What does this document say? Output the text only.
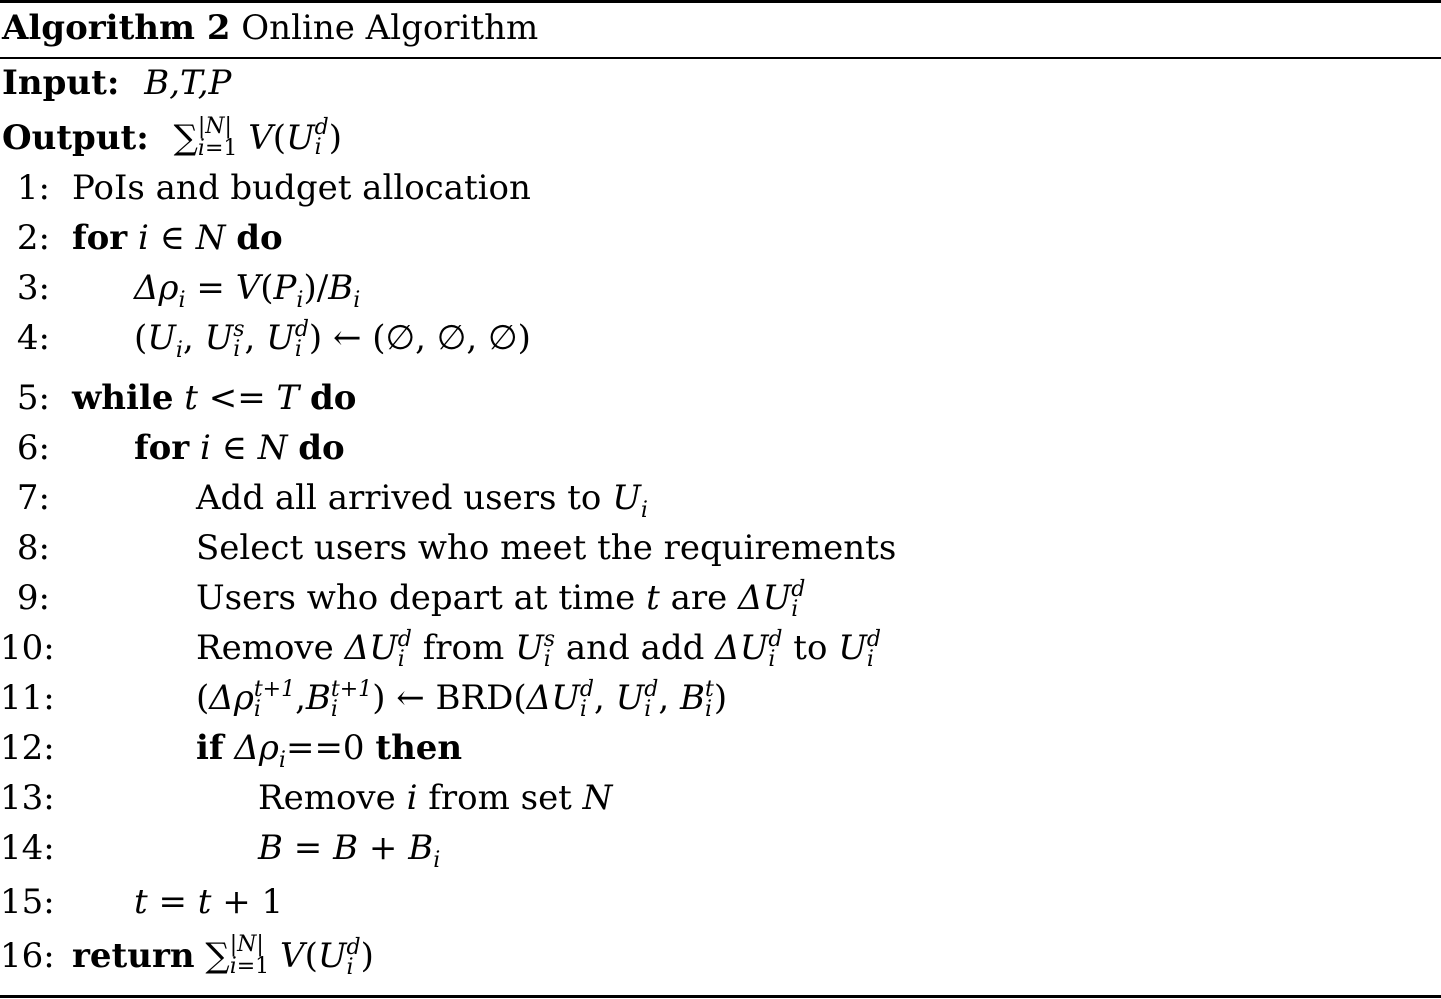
Algorithm 2 Online Algorithm
Input: B,T,P
Output: ∑ |N|
i=1 V(U d
i )
1: PoIs and budget allocation
2: for i ∈ N do
3: $\Delta\rho_i = V(P_i)/B_i$
4: ($U_i$, U s
i , U d
i ) ← (∅, ∅, ∅)
5: while t <= T do
6: for i ∈ N do
7:	Add all arrived users to $U_i$
8:	Select users who meet the requirements
9:	Users who depart at time t are ΔU d
i
10:	Remove ΔU d
i from U s
i and add ΔU d
i to U d
i
11:	(Δρ t+1
i	,B t+1
i	) ← BRD(ΔU d
i , U d
i , B t
i )
12:	if $\Delta\rho_i==0$ then
13:	Remove i from set N
14:	$B = B + B_i$
15: t = t + 1
16: return ∑ |N|
i=1 V(U d
i )
